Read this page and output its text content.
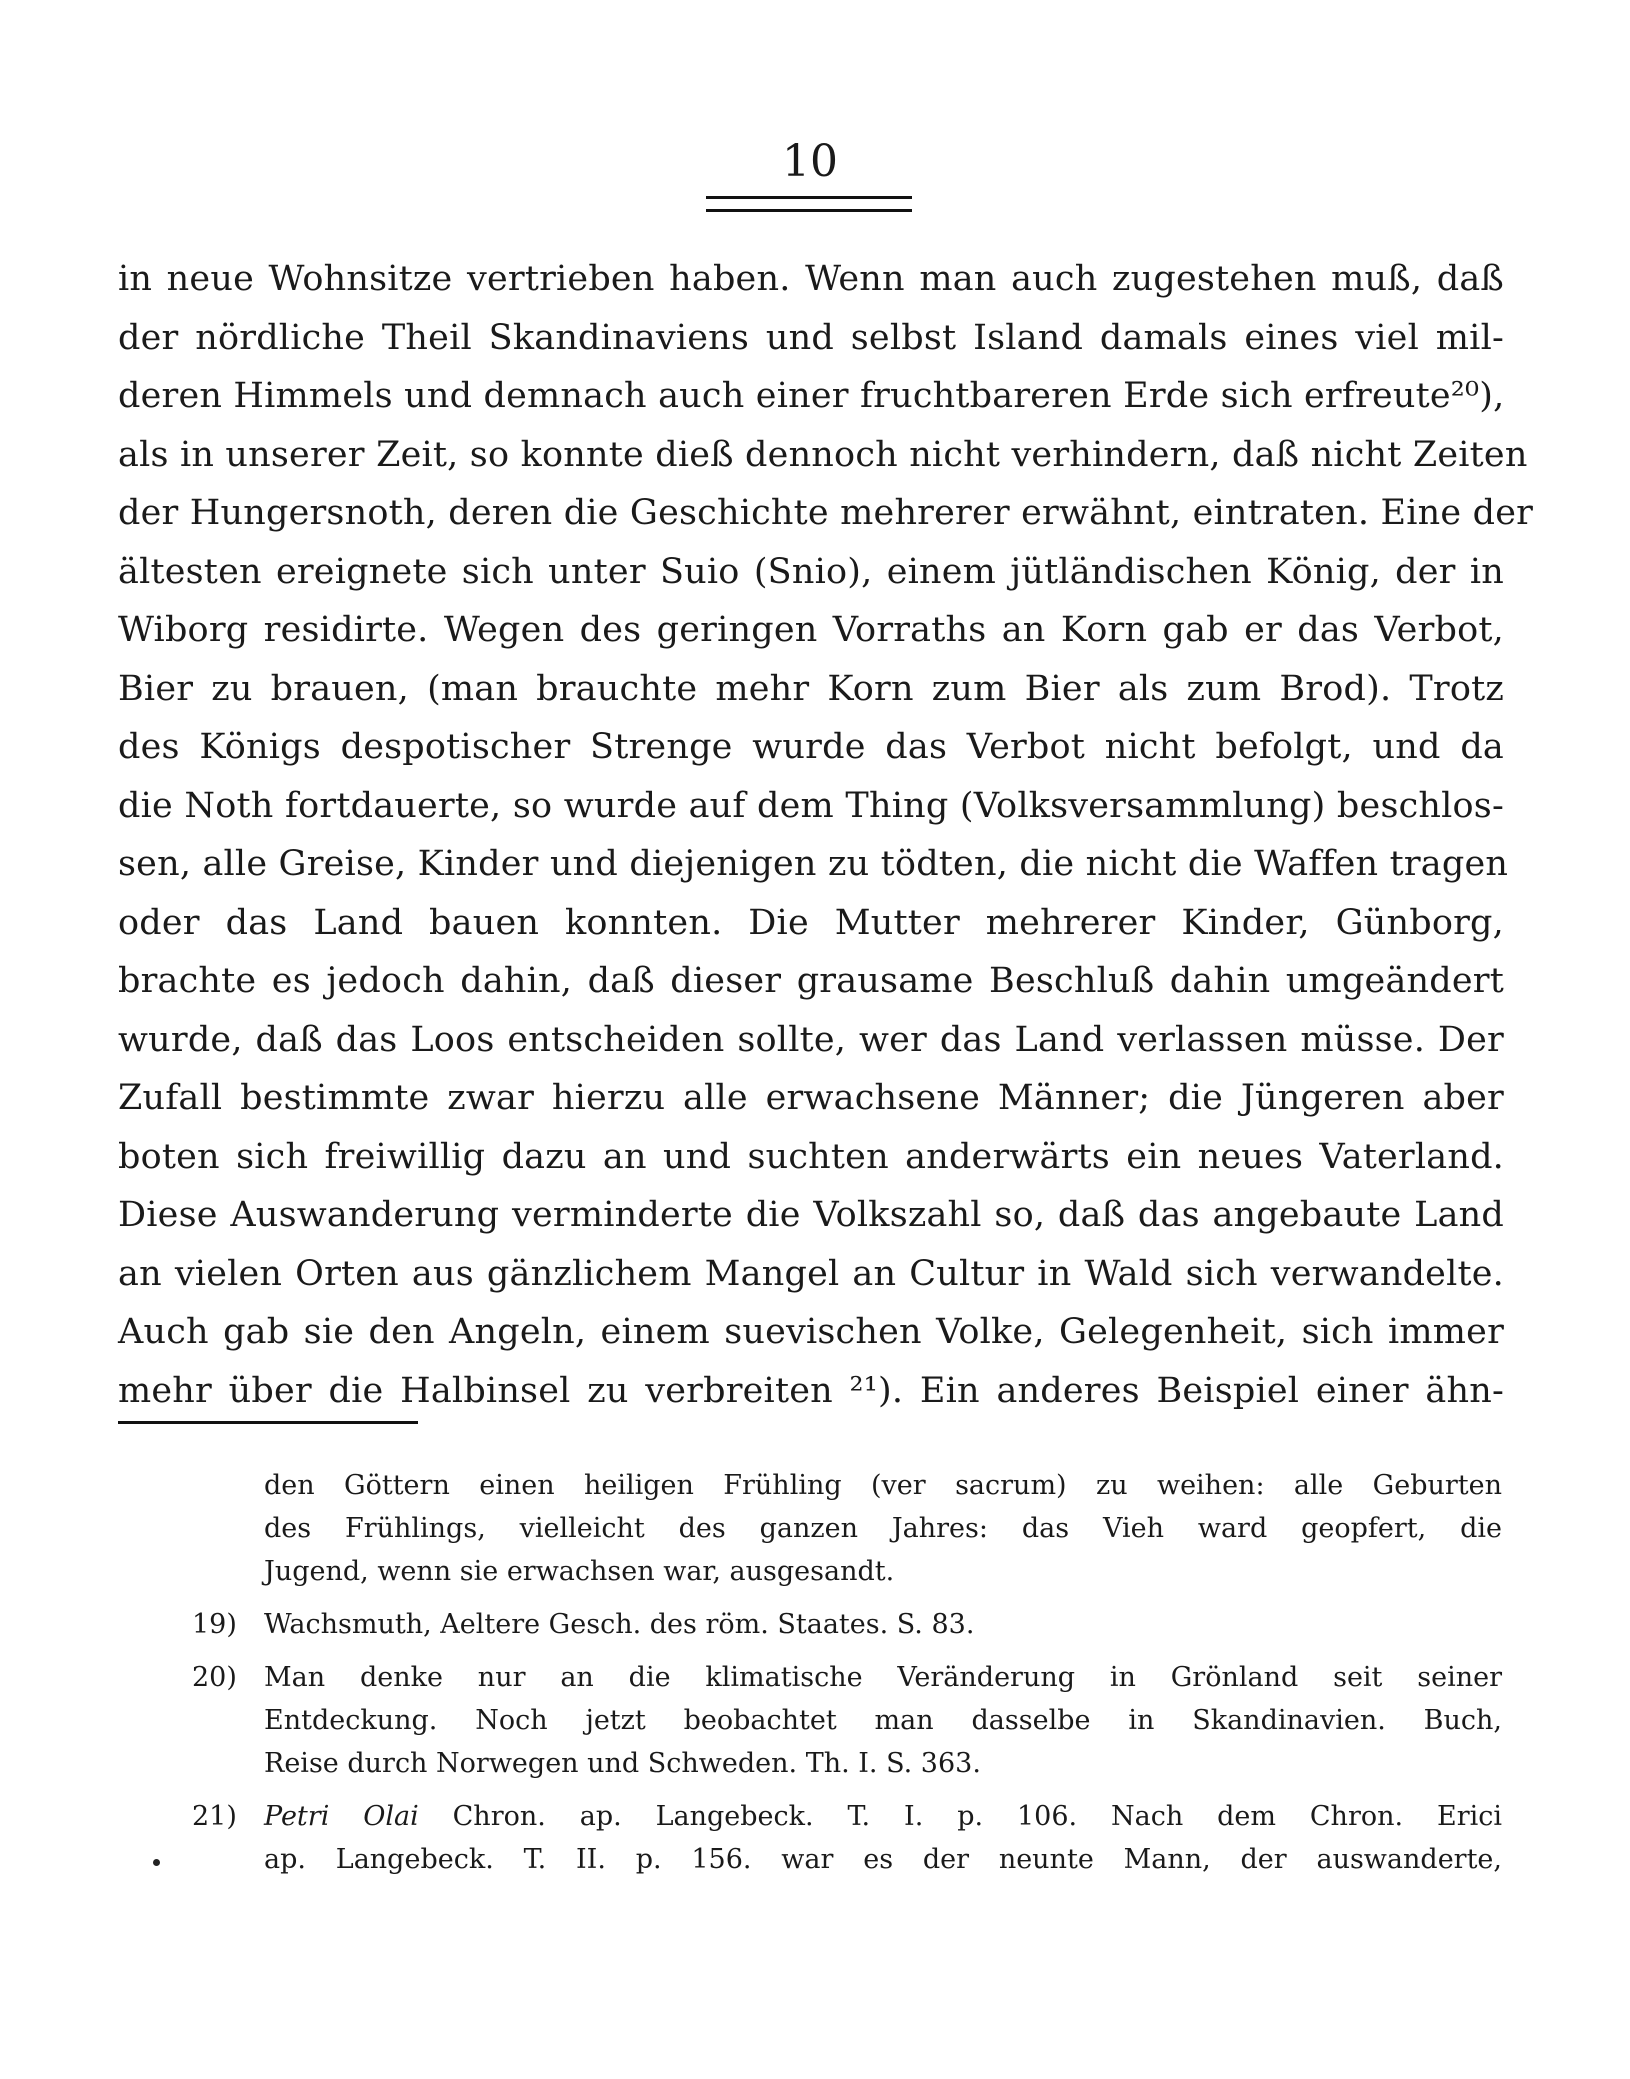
10
in neue Wohnsitze vertrieben haben. Wenn man auch zugestehen muß, daß
der nördliche Theil Skandinaviens und selbst Island damals eines viel mil-
deren Himmels und demnach auch einer fruchtbareren Erde sich erfreute²⁰),
als in unserer Zeit, so konnte dieß dennoch nicht verhindern, daß nicht Zeiten
der Hungersnoth, deren die Geschichte mehrerer erwähnt, eintraten. Eine der
ältesten ereignete sich unter Suio (Snio), einem jütländischen König, der in
Wiborg residirte. Wegen des geringen Vorraths an Korn gab er das Verbot,
Bier zu brauen, (man brauchte mehr Korn zum Bier als zum Brod). Trotz
des Königs despotischer Strenge wurde das Verbot nicht befolgt, und da
die Noth fortdauerte, so wurde auf dem Thing (Volksversammlung) beschlos-
sen, alle Greise, Kinder und diejenigen zu tödten, die nicht die Waffen tragen
oder das Land bauen konnten. Die Mutter mehrerer Kinder, Günborg,
brachte es jedoch dahin, daß dieser grausame Beschluß dahin umgeändert
wurde, daß das Loos entscheiden sollte, wer das Land verlassen müsse. Der
Zufall bestimmte zwar hierzu alle erwachsene Männer; die Jüngeren aber
boten sich freiwillig dazu an und suchten anderwärts ein neues Vaterland.
Diese Auswanderung verminderte die Volkszahl so, daß das angebaute Land
an vielen Orten aus gänzlichem Mangel an Cultur in Wald sich verwandelte.
Auch gab sie den Angeln, einem suevischen Volke, Gelegenheit, sich immer
mehr über die Halbinsel zu verbreiten ²¹). Ein anderes Beispiel einer ähn-
den Göttern einen heiligen Frühling (ver sacrum) zu weihen: alle Geburten
des Frühlings, vielleicht des ganzen Jahres: das Vieh ward geopfert, die
Jugend, wenn sie erwachsen war, ausgesandt.
19)	Wachsmuth, Aeltere Gesch. des röm. Staates. S. 83.
20)	Man denke nur an die klimatische Veränderung in Grönland seit seiner
Entdeckung. Noch jetzt beobachtet man dasselbe in Skandinavien. Buch,
Reise durch Norwegen und Schweden. Th. I. S. 363.
21)	Petri Olai Chron. ap. Langebeck. T. I. p. 106. Nach dem Chron. Erici
ap. Langebeck. T. II. p. 156. war es der neunte Mann, der auswanderte,
